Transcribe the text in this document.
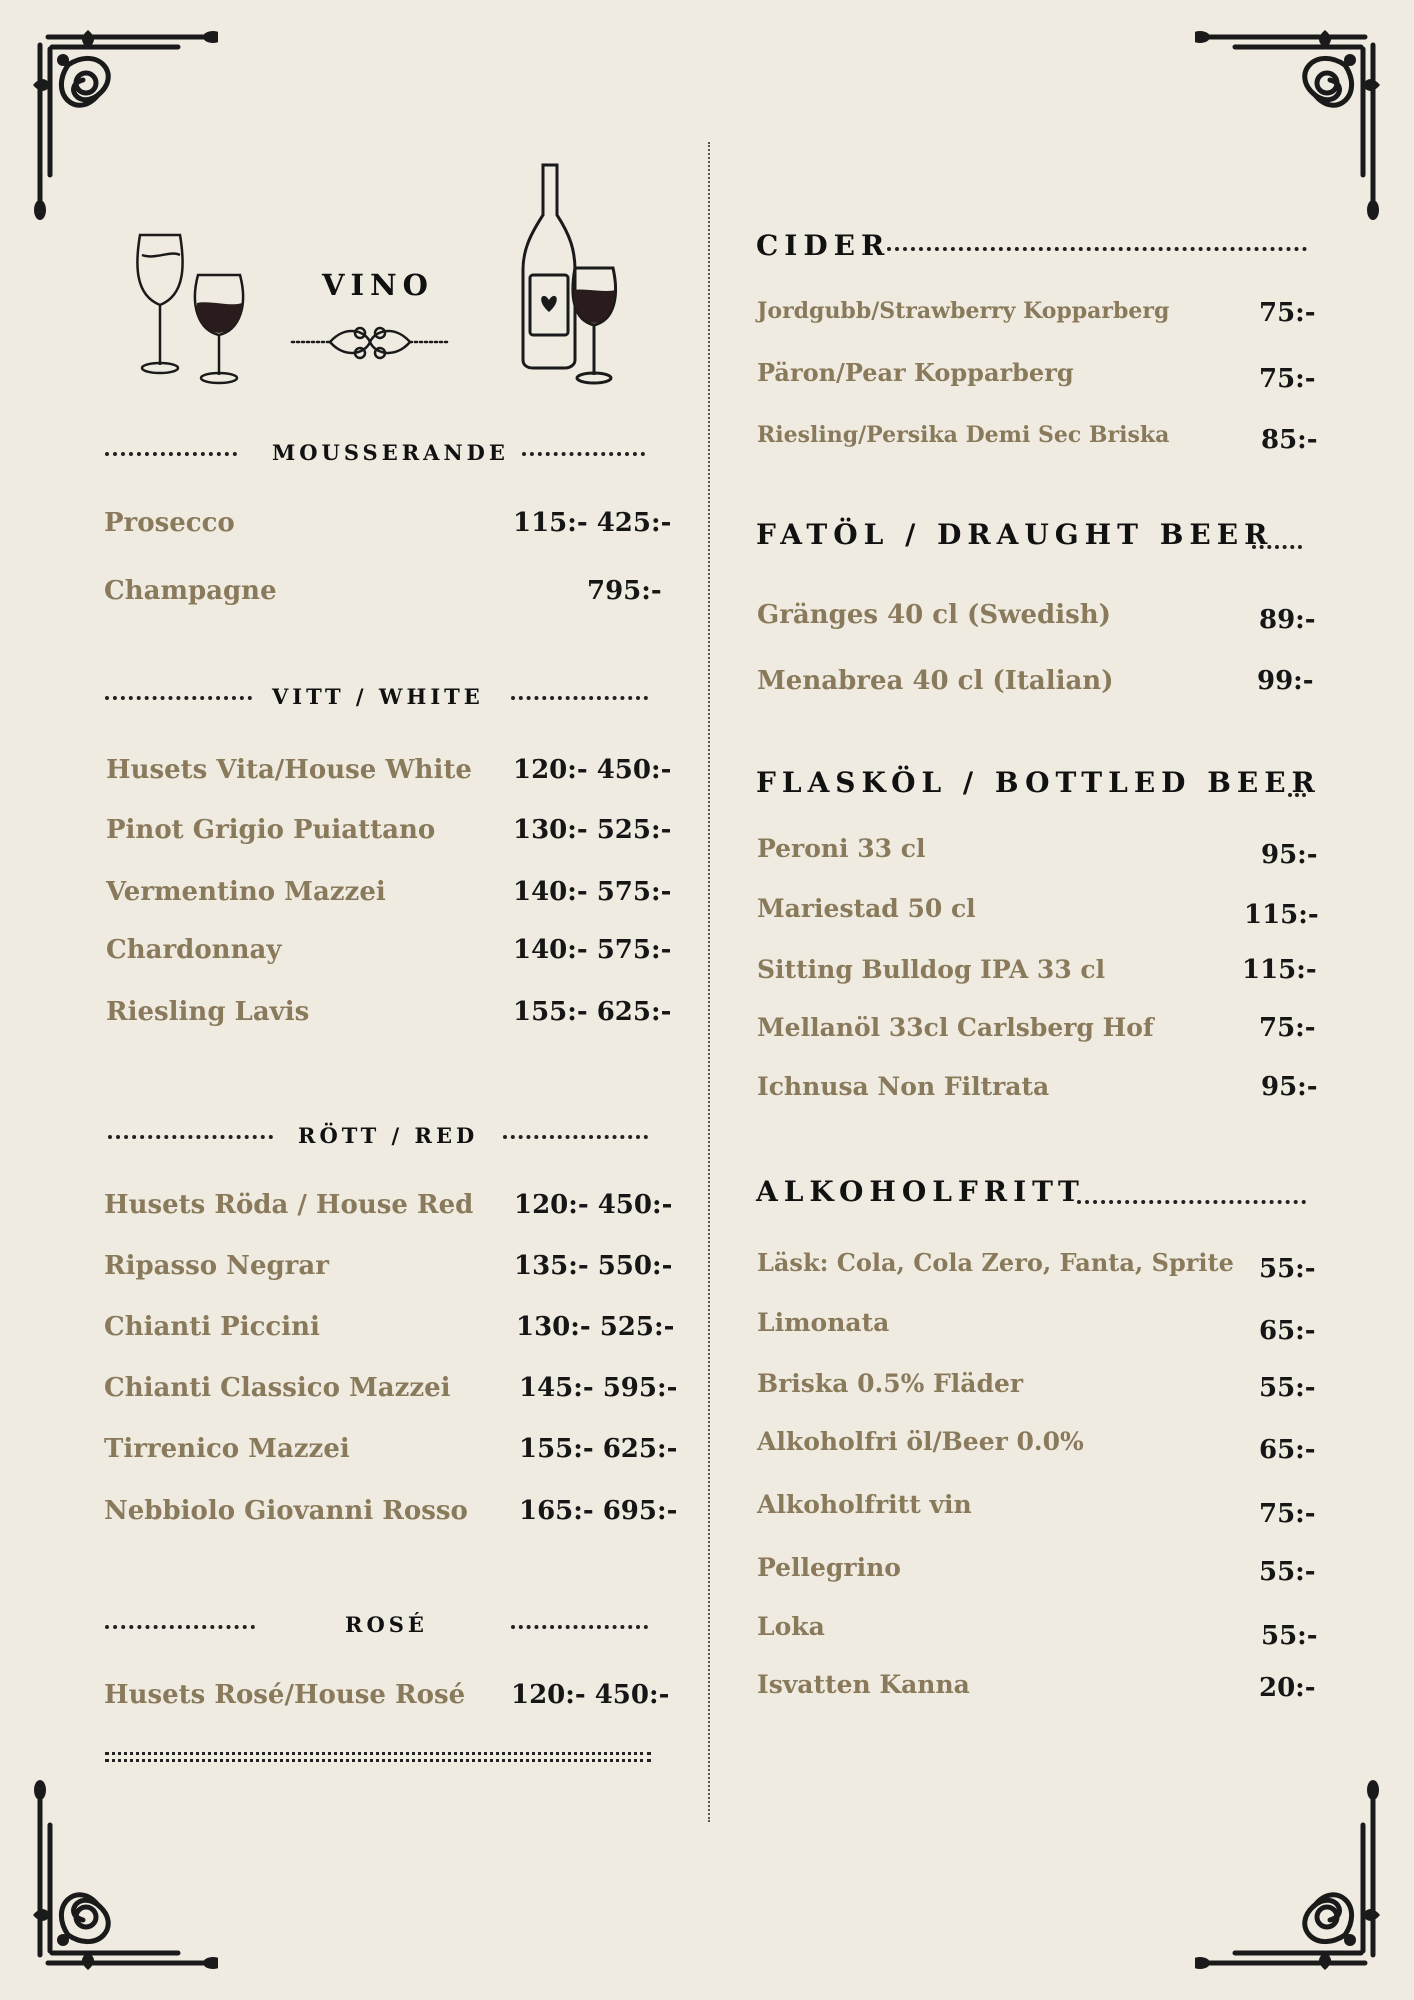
VINO
MOUSSERANDE
Prosecco	115:- 425:-
Champagne	795:-
VITT / WHITE
Husets Vita/House White 120:- 450:-
Pinot Grigio Puiattano	130:- 525:-
Vermentino Mazzei	140:- 575:-
Chardonnay	140:- 575:-
Riesling Lavis	155:- 625:-
RÖTT / RED
Husets Röda / House Red 120:- 450:-
Ripasso Negrar	135:- 550:-
Chianti Piccini	130:- 525:-
Chianti Classico Mazzei	145:- 595:-
Tirrenico Mazzei	155:- 625:-
Nebbiolo Giovanni Rosso 165:- 695:-
ROSÉ
Husets Rosé/House Rosé 120:- 450:-
CIDER
Jordgubb/Strawberry Kopparberg	75:-
Päron/Pear Kopparberg	75:-
Riesling/Persika Demi Sec Briska	85:-
FATÖL / DRAUGHT BEER
Gränges 40 cl (Swedish)	89:-
Menabrea 40 cl (Italian)	99:-
FLASKÖL / BOTTLED BEER
Peroni 33 cl	95:-
Mariestad 50 cl	115:-
Sitting Bulldog IPA 33 cl	115:-
Mellanöl 33cl Carlsberg Hof	75:-
Ichnusa Non Filtrata	95:-
ALKOHOLFRITT
Läsk: Cola, Cola Zero, Fanta, Sprite 55:-
Limonata	65:-
Briska 0.5% Fläder	55:-
Alkoholfri öl/Beer 0.0%	65:-
Alkoholfritt vin	75:-
Pellegrino	55:-
Loka	55:-
Isvatten Kanna	20:-
